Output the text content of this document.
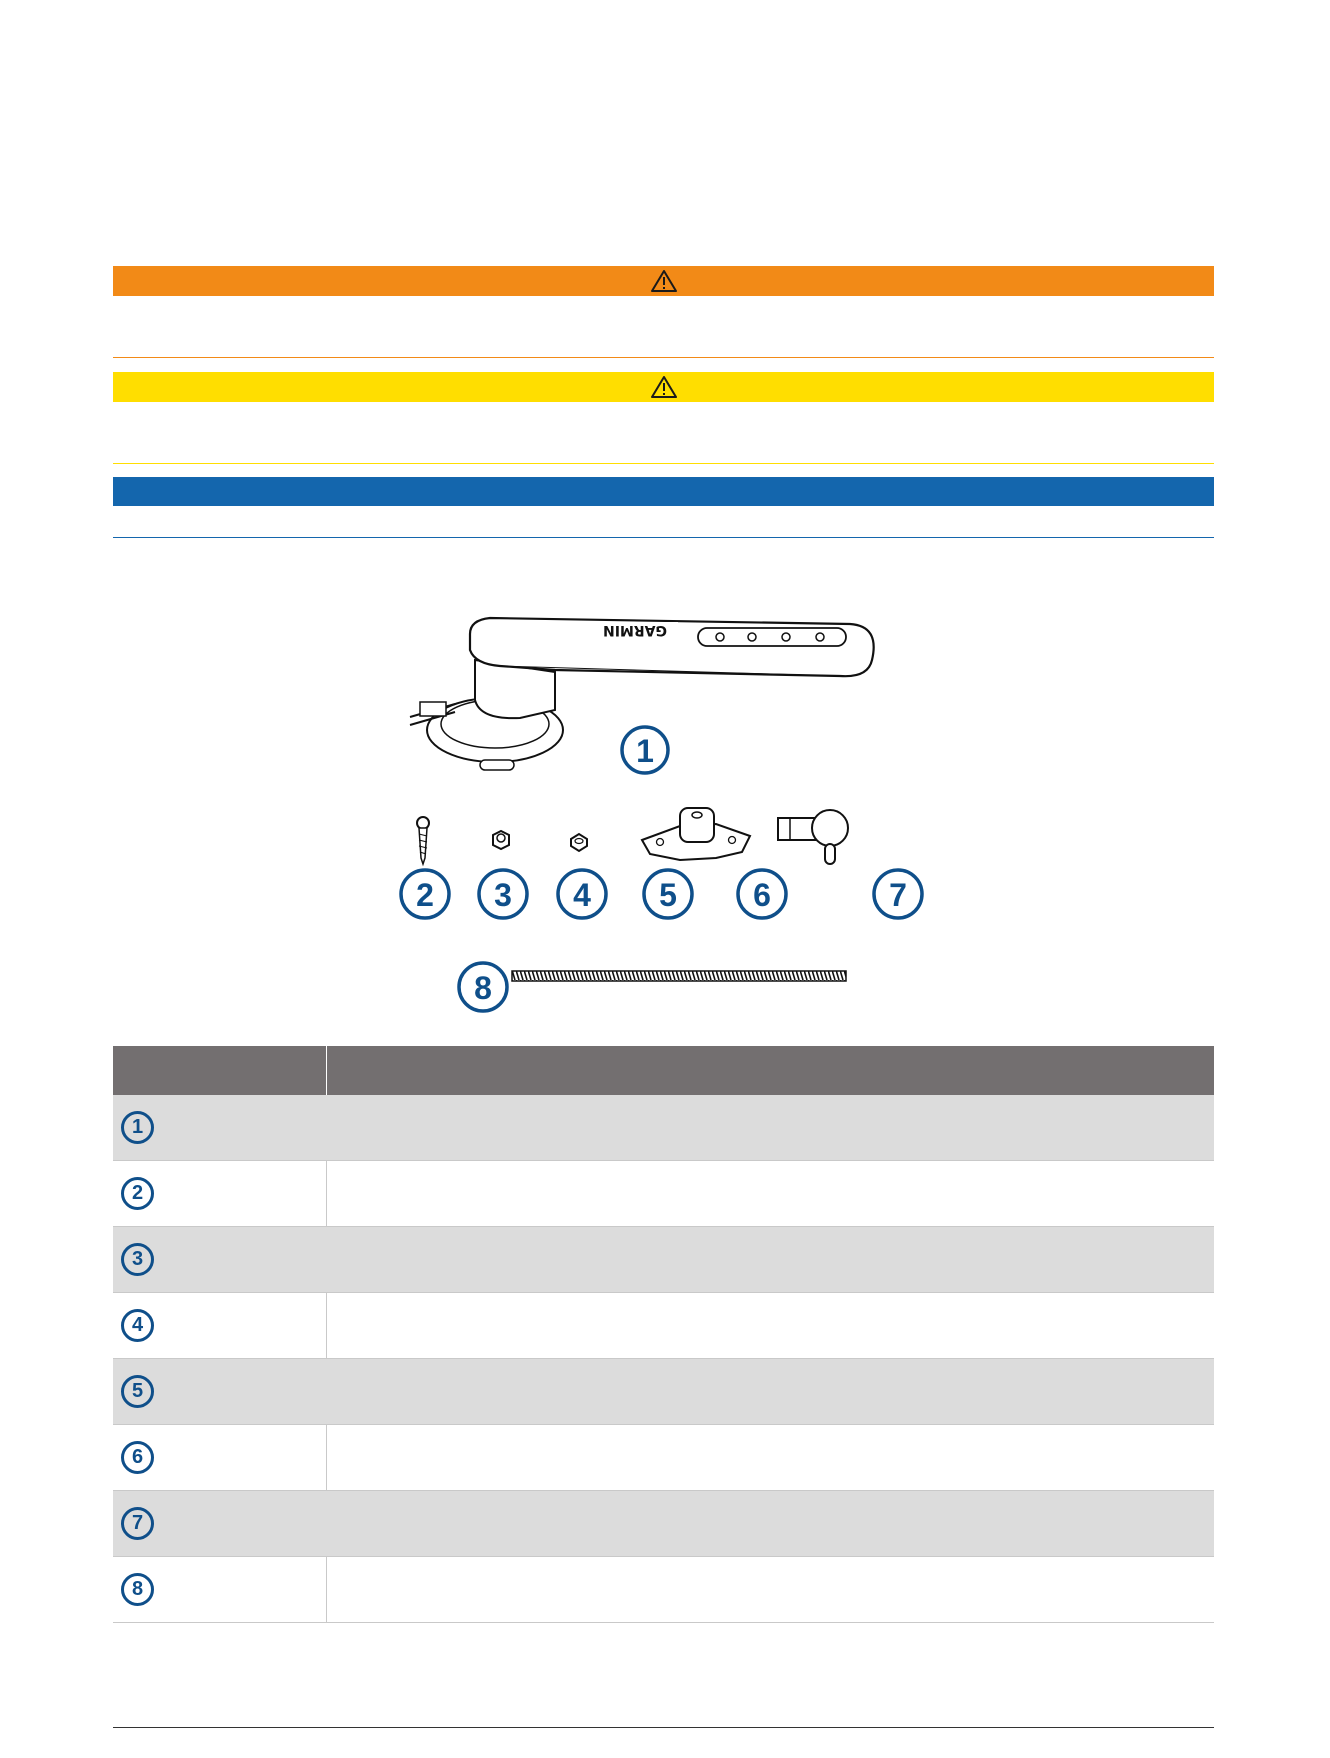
GARMIN
1
2 3 4 5 6	7
8

1	
2	
3	
4	
5	
6	
7	
8	
